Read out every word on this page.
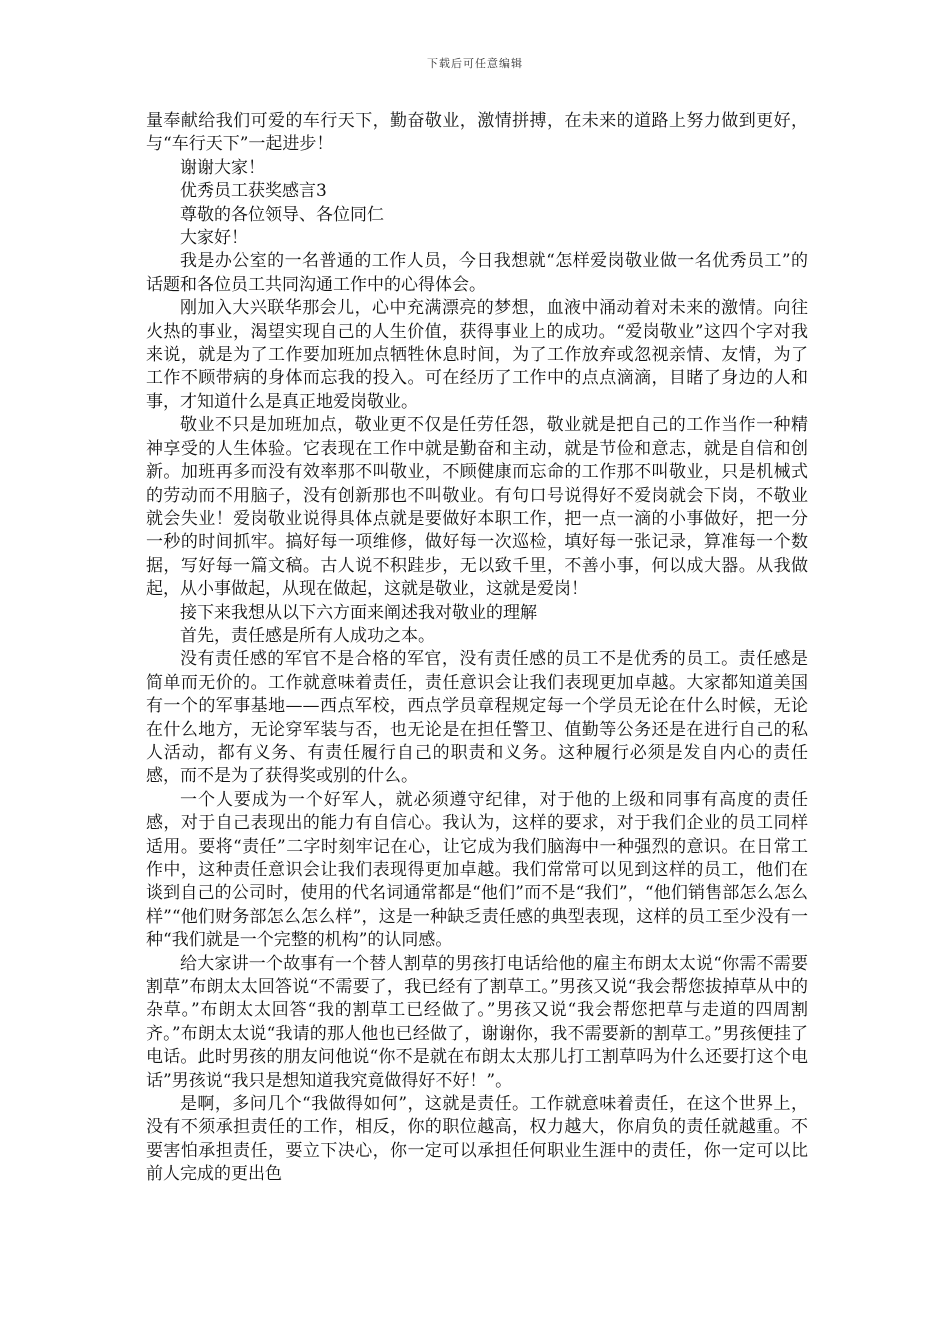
下载后可任意编辑

量奉献给我们可爱的车行天下，勤奋敬业，激情拼搏，在未来的道路上努力做到更好，与“车行天下”一起进步！

谢谢大家！

优秀员工获奖感言3

尊敬的各位领导、各位同仁

大家好！

我是办公室的一名普通的工作人员，今日我想就“怎样爱岗敬业做一名优秀员工”的话题和各位员工共同沟通工作中的心得体会。

刚加入大兴联华那会儿，心中充满漂亮的梦想，血液中涌动着对未来的激情。向往火热的事业，渴望实现自己的人生价值，获得事业上的成功。“爱岗敬业”这四个字对我来说，就是为了工作要加班加点牺牲休息时间，为了工作放弃或忽视亲情、友情，为了工作不顾带病的身体而忘我的投入。可在经历了工作中的点点滴滴，目睹了身边的人和事，才知道什么是真正地爱岗敬业。

敬业不只是加班加点，敬业更不仅是任劳任怨，敬业就是把自己的工作当作一种精神享受的人生体验。它表现在工作中就是勤奋和主动，就是节俭和意志，就是自信和创新。加班再多而没有效率那不叫敬业，不顾健康而忘命的工作那不叫敬业，只是机械式的劳动而不用脑子，没有创新那也不叫敬业。有句口号说得好不爱岗就会下岗，不敬业就会失业！爱岗敬业说得具体点就是要做好本职工作，把一点一滴的小事做好，把一分一秒的时间抓牢。搞好每一项维修，做好每一次巡检，填好每一张记录，算准每一个数据，写好每一篇文稿。古人说不积跬步，无以致千里，不善小事，何以成大器。从我做起，从小事做起，从现在做起，这就是敬业，这就是爱岗！

接下来我想从以下六方面来阐述我对敬业的理解

首先，责任感是所有人成功之本。

没有责任感的军官不是合格的军官，没有责任感的员工不是优秀的员工。责任感是简单而无价的。工作就意味着责任，责任意识会让我们表现更加卓越。大家都知道美国有一个的军事基地——西点军校，西点学员章程规定每一个学员无论在什么时候，无论在什么地方，无论穿军装与否，也无论是在担任警卫、值勤等公务还是在进行自己的私人活动，都有义务、有责任履行自己的职责和义务。这种履行必须是发自内心的责任感，而不是为了获得奖或别的什么。

一个人要成为一个好军人，就必须遵守纪律，对于他的上级和同事有高度的责任感，对于自己表现出的能力有自信心。我认为，这样的要求，对于我们企业的员工同样适用。要将“责任”二字时刻牢记在心，让它成为我们脑海中一种强烈的意识。在日常工作中，这种责任意识会让我们表现得更加卓越。我们常常可以见到这样的员工，他们在谈到自己的公司时，使用的代名词通常都是“他们”而不是“我们”，“他们销售部怎么怎么样”“他们财务部怎么怎么样”，这是一种缺乏责任感的典型表现，这样的员工至少没有一种“我们就是一个完整的机构”的认同感。

给大家讲一个故事有一个替人割草的男孩打电话给他的雇主布朗太太说“你需不需要割草”布朗太太回答说“不需要了，我已经有了割草工。”男孩又说“我会帮您拔掉草从中的杂草。”布朗太太回答“我的割草工已经做了。”男孩又说“我会帮您把草与走道的四周割齐。”布朗太太说“我请的那人他也已经做了，谢谢你，我不需要新的割草工。”男孩便挂了电话。此时男孩的朋友问他说“你不是就在布朗太太那儿打工割草吗为什么还要打这个电话”男孩说“我只是想知道我究竟做得好不好！”。

是啊，多问几个“我做得如何”，这就是责任。工作就意味着责任，在这个世界上，没有不须承担责任的工作，相反，你的职位越高，权力越大，你肩负的责任就越重。不要害怕承担责任，要立下决心，你一定可以承担任何职业生涯中的责任，你一定可以比前人完成的更出色
